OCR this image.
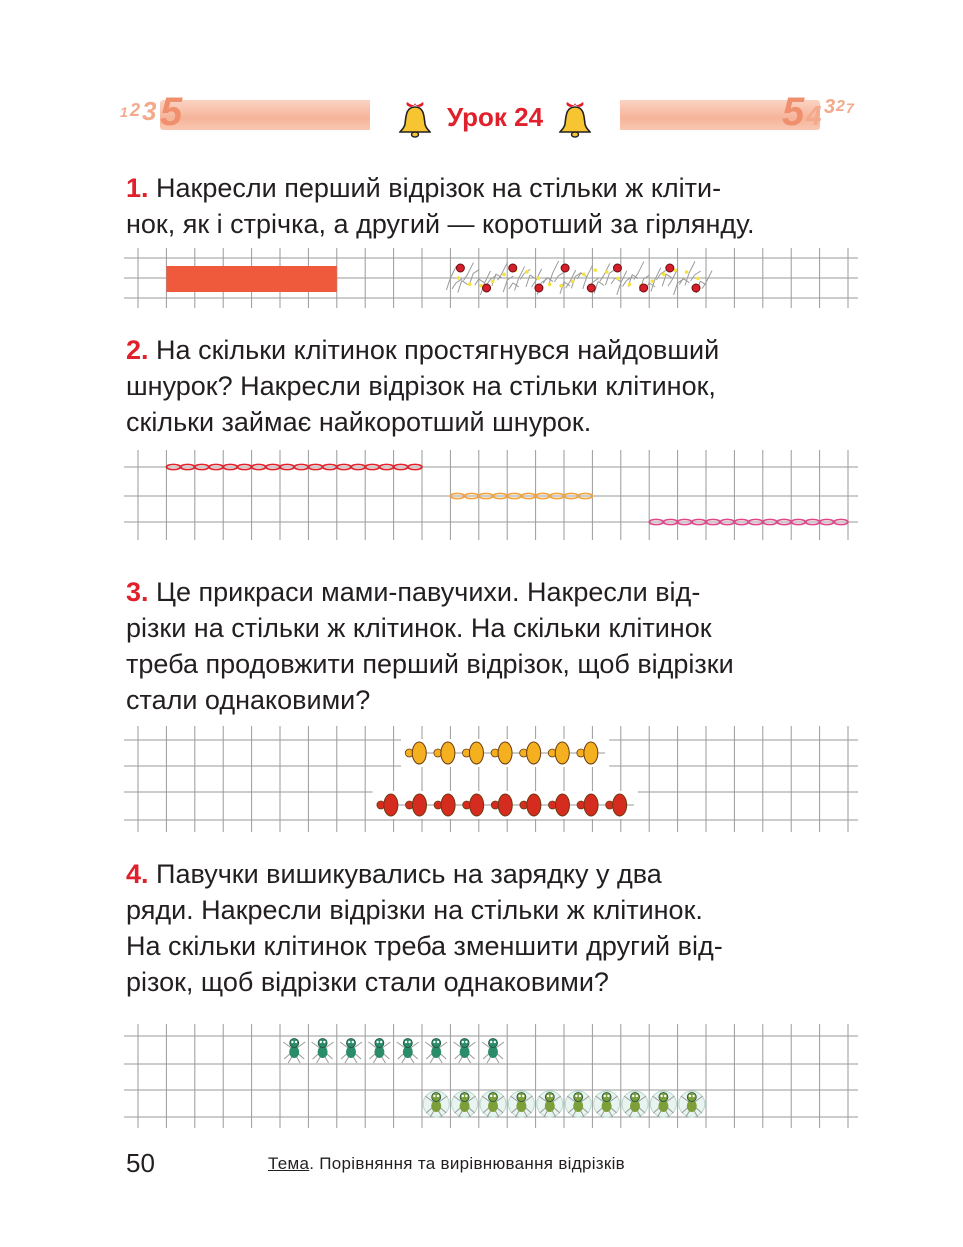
1 2 3 5	5 4 3 2 7
Урок 24
1. Накресли перший відрізок на стільки ж кліти-
нок, як і стрічка, а другий — коротший за гірлянду.
2. На скільки клітинок простягнувся найдовший
шнурок? Накресли відрізок на стільки клітинок,
скільки займає найкоротший шнурок.
3. Це прикраси мами-павучихи. Накресли від-
різки на стільки ж клітинок. На скільки клітинок
треба продовжити перший відрізок, щоб відрізки
стали однаковими?
4. Павучки вишикувались на зарядку у два
ряди. Накресли відрізки на стільки ж клітинок.
На скільки клітинок треба зменшити другий від-
різок, щоб відрізки стали однаковими?
50	Тема. Порівняння та вирівнювання відрізків
